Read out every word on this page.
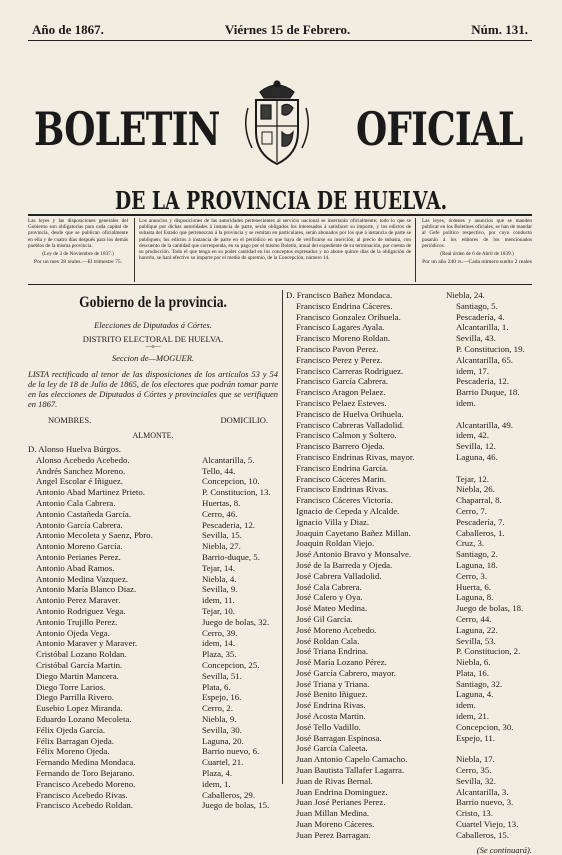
Año de 1867.	Viérnes 15 de Febrero.	Núm. 131.
BOLETIN	OFICIAL
DE LA PROVINCIA DE HUELVA.
Las leyes y las disposiciones generales del Gobierno son obligatorias para cada capital de provincia, desde que se publican oficialmente en ella y de cuatro días después para los demás pueblos de la misma provincia.
(Ley de 3 de Noviembre de 1837.)
Por un mes 28 reales.—El trimestre 75.
Los anuncios y disposiciones de las autoridades pertenecientes al servicio nacional se insertarán oficialmente; todo lo que se publique por dichas autoridades á instancia de parte, serán obligados los interesados á satisfacer su importe, y los edictos de subasta del Estado que pertenezcan á la provincia y se remitan en particulares, serán abonados por los que á instancia de parte se publiquen; los edictos á instancia de parte en el periódico en que haya de verificarse su inserción, al precio de subasta, con descuento de la cantidad que corresponda, en su pago por el mismo Boletín, anual del expediente de su terminación, por cuenta de su producción. Todo el que tenga en su poder cantidad en los conceptos expresados y no abone quince días de la obligación de hacerlo, se hará efectivo su importe por el medio de apremio, de la Concepción, número 14.
Las leyes, órdenes y anuncios que se manden publicar en los Boletines oficiales, se han de mandar al Gefe político respectivo, por cuyo conducto pasarán á los editores de los mencionados periódicos.
(Real órden de 6 de Abril de 1839.)
Por un año 240 rs.—Cada número suelto 2 reales
Gobierno de la provincia.
Elecciones de Diputados á Córtes.
DISTRITO ELECTORAL DE HUELVA.
—o—
Seccion de—MOGUER.
LISTA rectificada al tenor de las disposiciones de los artículos 53 y 54 de la ley de 18 de Julio de 1865, de los electores que podrán tomar parte en las elecciones de Diputados á Córtes y provinciales que se verifiquen en 1867.
NOMBRES.	DOMICILIO.
ALMONTE.
D. Alonso Huelva Búrgos.
Alonso Acebedo Acebedo.	Alcantarilla, 5.
Andrés Sanchez Moreno.	Tello, 44.
Angel Escolar é Iñiguez.	Concepcion, 10.
Antonio Abad Martinez Prieto.	P. Constitucion, 13.
Antonio Cala Cabrera.	Huertas, 8.
Antonio Castañeda García.	Cerro, 46.
Antonio García Cabrera.	Pescaderia, 12.
Antonio Mecoleta y Saenz, Pbro.	Sevilla, 15.
Antonio Moreno García.	Niebla, 27.
Antonio Perianes Perez.	Barrio-duque, 5.
Antonio Abad Ramos.	Tejar, 14.
Antonio Medina Vazquez.	Niebla, 4.
Antonio María Blanco Diaz.	Sevilla, 9.
Antonio Perez Maraver.	idem, 11.
Antonio Rodriguez Vega.	Tejar, 10.
Antonio Trujillo Perez.	Juego de bolas, 32.
Antonio Ojeda Vega.	Cerro, 39.
Antonio Maraver y Maraver.	idem, 14.
Cristóbal Lozano Roldan.	Plaza, 35.
Cristóbal García Martin.	Concepcion, 25.
Diego Martin Mancera.	Sevilla, 51.
Diego Torre Larios.	Plata, 6.
Diego Parrilla Rivero.	Espejo, 16.
Eusebio Lopez Miranda.	Cerro, 2.
Eduardo Lozano Mecoleta.	Niebla, 9.
Félix Ojeda García.	Sevilla, 30.
Félix Barragan Ojeda.	Laguna, 20.
Félix Moreno Ojeda.	Barrio nuevo, 6.
Fernando Medina Mondaca.	Cuartel, 21.
Fernando de Toro Bejarano.	Plaza, 4.
Francisco Acebedo Moreno.	idem, 1.
Francisco Acebedo Rivas.	Caballeros, 29.
Francisco Acebedo Roldan.	Juego de bolas, 15.
D. Francisco Bañez Mondaca.	Niebla, 24.
Francisco Endrina Cáceres.	Santiago, 5.
Francisco Gonzalez Orihuela.	Pescadería, 4.
Francisco Lagares Ayala.	Alcantarilla, 1.
Francisco Moreno Roldan.	Sevilla, 43.
Francisco Pavon Perez.	P. Constitucion, 19.
Francisco Perez y Perez.	Alcantarilla, 65.
Francisco Carreras Rodriguez.	idem, 17.
Francisco García Cabrera.	Pescaderia, 12.
Francisco Aragon Pelaez.	Barrio Duque, 18.
Francisco Pelaez Esteves.	idem.
Francisco de Huelva Orihuela.
Francisco Cabreras Valladolid.	Alcantarilla, 49.
Francisco Calmon y Soltero.	idem, 42.
Francisco Barrero Ojeda.	Sevilla, 12.
Francisco Endrinas Rivas, mayor.	Laguna, 46.
Francisco Endrina García.
Francisco Cáceres Marin.	Tejar, 12.
Francisco Endrinas Rivas.	Niebla, 26.
Francisco Cáceres Victoria.	Chaparral, 8.
Ignacio de Cepeda y Alcalde.	Cerro, 7.
Ignacio Villa y Diaz.	Pescadería, 7.
Joaquin Cayetano Bañez Millan.	Caballeros, 1.
Joaquin Roldan Viejo.	Cruz, 3.
José Antonio Bravo y Monsalve.	Santiago, 2.
José de la Barreda y Ojeda.	Laguna, 18.
José Cabrera Valladolid.	Cerro, 3.
José Cala Cabrera.	Huerta, 6.
José Calero y Oya.	Laguna, 8.
José Mateo Medina.	Juego de bolas, 18.
José Gil García.	Cerro, 44.
José Moreno Acebedo.	Laguna, 22.
José Roldan Cala.	Sevilla, 53.
José Triana Endrina.	P. Constitucion, 2.
José María Lozano Pérez.	Niebla, 6.
José García Cabrero, mayor.	Plata, 16.
José Triana y Triana.	Santiago, 32.
José Benito Iñiguez.	Laguna, 4.
José Endrina Rivas.	idem.
José Acosta Martin.	idem, 21.
José Tello Vadillo.	Concepcion, 30.
José Barragan Espinosa.	Espejo, 11.
José García Caleeta.
Juan Antonio Capelo Camacho.	Niebla, 17.
Juan Bautista Tallafer Lagarra.	Cerro, 35.
Juan de Rivas Bernal.	Sevilla, 32.
Juan Endrina Dominguez.	Alcantarilla, 3.
Juan José Perianes Perez.	Barrio nuevo, 3.
Juan Millan Medina.	Cristo, 13.
Juan Moreno Cáceres.	Cuartel Viejo, 13.
Juan Perez Barragan.	Caballeros, 15.
(Se continuará).
